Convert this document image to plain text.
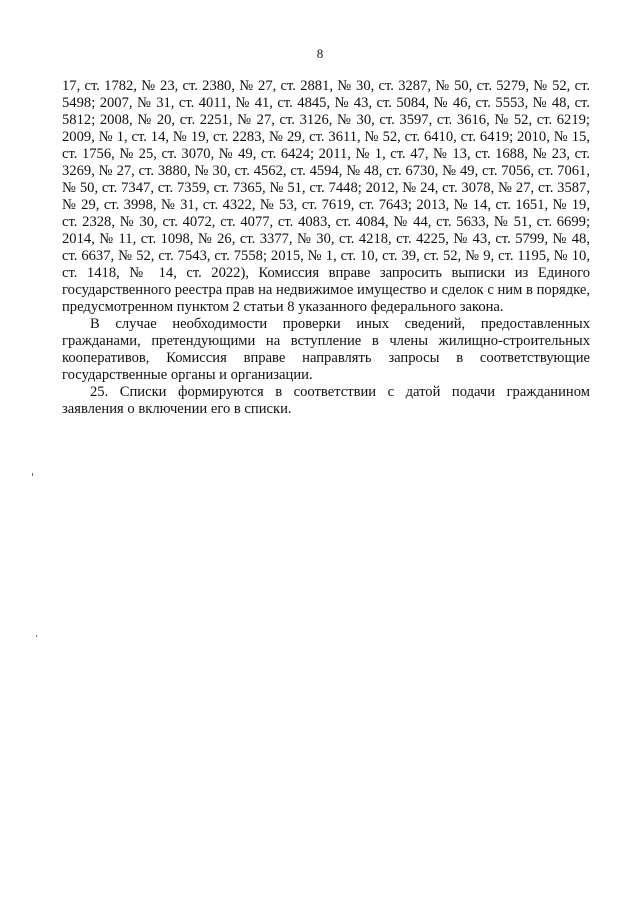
8
17, ст. 1782, № 23, ст. 2380, № 27, ст. 2881, № 30, ст. 3287, № 50, ст. 5279, № 52, ст.
5498; 2007, № 31, ст. 4011, № 41, ст. 4845, № 43, ст. 5084, № 46, ст. 5553, № 48, ст.
5812; 2008, № 20, ст. 2251, № 27, ст. 3126, № 30, ст. 3597, ст. 3616, № 52, ст. 6219;
2009, № 1, ст. 14, № 19, ст. 2283, № 29, ст. 3611, № 52, ст. 6410, ст. 6419; 2010, № 15,
ст. 1756, № 25, ст. 3070, № 49, ст. 6424; 2011, № 1, ст. 47, № 13, ст. 1688, № 23, ст.
3269, № 27, ст. 3880, № 30, ст. 4562, ст. 4594, № 48, ст. 6730, № 49, ст. 7056, ст. 7061,
№ 50, ст. 7347, ст. 7359, ст. 7365, № 51, ст. 7448; 2012, № 24, ст. 3078, № 27, ст. 3587,
№ 29, ст. 3998, № 31, ст. 4322, № 53, ст. 7619, ст. 7643; 2013, № 14, ст. 1651, № 19,
ст. 2328, № 30, ст. 4072, ст. 4077, ст. 4083, ст. 4084, № 44, ст. 5633, № 51, ст. 6699;
2014, № 11, ст. 1098, № 26, ст. 3377, № 30, ст. 4218, ст. 4225, № 43, ст. 5799, № 48,
ст. 6637, № 52, ст. 7543, ст. 7558; 2015, № 1, ст. 10, ст. 39, ст. 52, № 9, ст. 1195, № 10,
ст. 1418, № 14, ст. 2022), Комиссия вправе запросить выписки из Единого
государственного реестра прав на недвижимое имущество и сделок с ним в порядке,
предусмотренном пунктом 2 статьи 8 указанного федерального закона.
В случае необходимости проверки иных сведений, предоставленных
гражданами, претендующими на вступление в члены жилищно-строительных
кооперативов, Комиссия вправе направлять запросы в соответствующие
государственные органы и организации.
25. Списки формируются в соответствии с датой подачи гражданином
заявления о включении его в списки.
